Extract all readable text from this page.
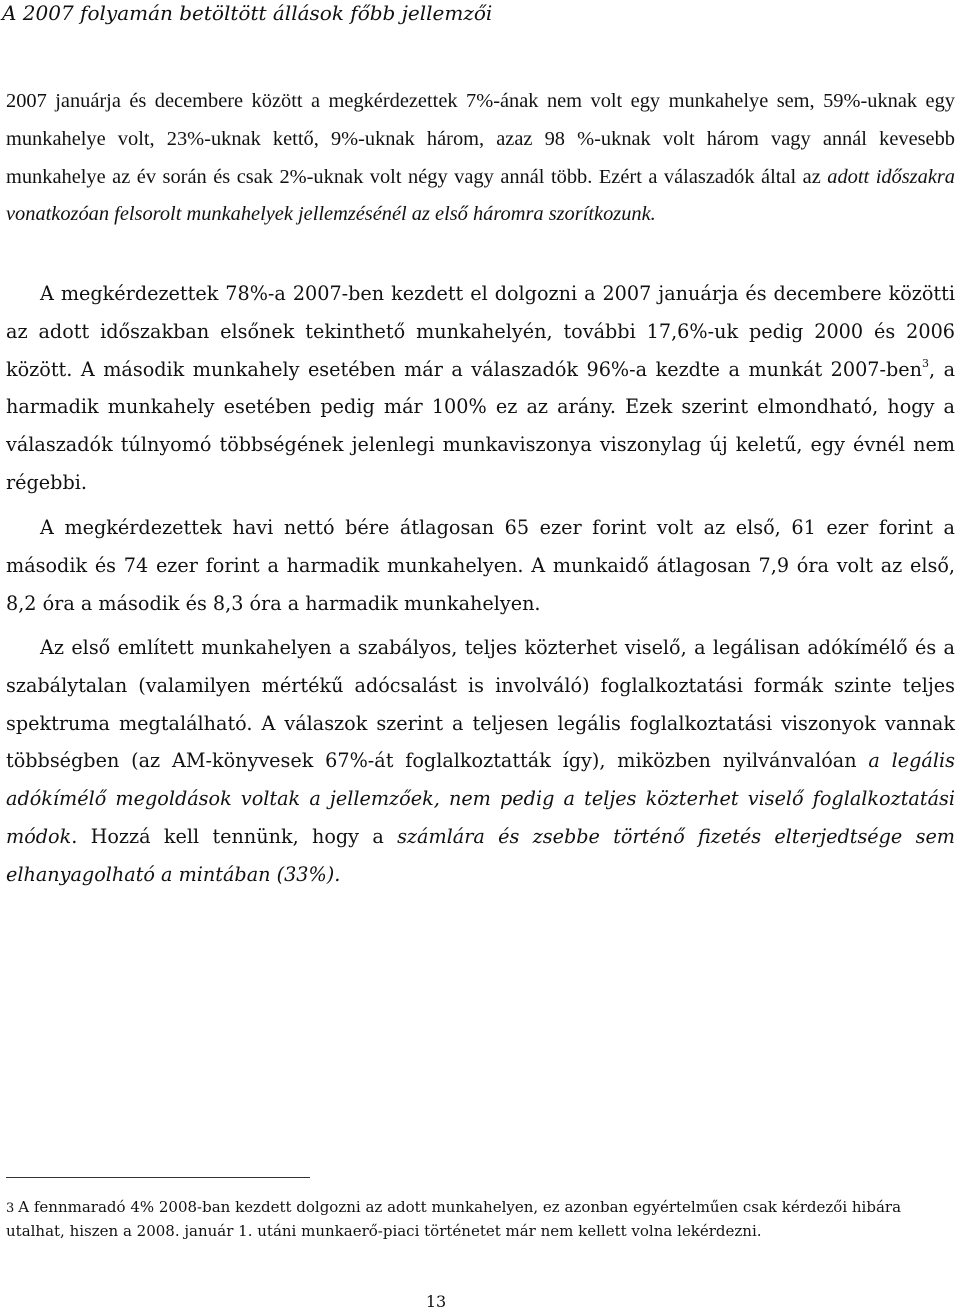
A 2007 folyamán betöltött állások főbb jellemzői

2007 januárja és decembere között a megkérdezettek 7%-ának nem volt egy munkahelye sem, 59%-uknak egy munkahelye volt, 23%-uknak kettő, 9%-uknak három, azaz 98 %-uknak volt három vagy annál kevesebb munkahelye az év során és csak 2%-uknak volt négy vagy annál több. Ezért a válaszadók által az adott időszakra vonatkozóan felsorolt munkahelyek jellemzésénél az első háromra szorítkozunk.

A megkérdezettek 78%-a 2007-ben kezdett el dolgozni a 2007 januárja és decembere közötti az adott időszakban elsőnek tekinthető munkahelyén, további 17,6%-uk pedig 2000 és 2006 között. A második munkahely esetében már a válaszadók 96%-a kezdte a munkát 2007-ben$^3$, a harmadik munkahely esetében pedig már 100% ez az arány. Ezek szerint elmondható, hogy a válaszadók túlnyomó többségének jelenlegi munkaviszonya viszonylag új keletű, egy évnél nem régebbi.

A megkérdezettek havi nettó bére átlagosan 65 ezer forint volt az első, 61 ezer forint a második és 74 ezer forint a harmadik munkahelyen. A munkaidő átlagosan 7,9 óra volt az első, 8,2 óra a második és 8,3 óra a harmadik munkahelyen.

Az első említett munkahelyen a szabályos, teljes közterhet viselő, a legálisan adókímélő és a szabálytalan (valamilyen mértékű adócsalást is involváló) foglalkoztatási formák szinte teljes spektruma megtalálható. A válaszok szerint a teljesen legális foglalkoztatási viszonyok vannak többségben (az AM-könyvesek 67%-át foglalkoztatták így), miközben nyilvánvalóan a legális adókímélő megoldások voltak a jellemzőek, nem pedig a teljes közterhet viselő foglalkoztatási módok. Hozzá kell tennünk, hogy a számlára és zsebbe történő fizetés elterjedtsége sem elhanyagolható a mintában (33%).

3 A fennmaradó 4% 2008-ban kezdett dolgozni az adott munkahelyen, ez azonban egyértelműen csak kérdezői hibára utalhat, hiszen a 2008. január 1. utáni munkaerő-piaci történetet már nem kellett volna lekérdezni.

13
